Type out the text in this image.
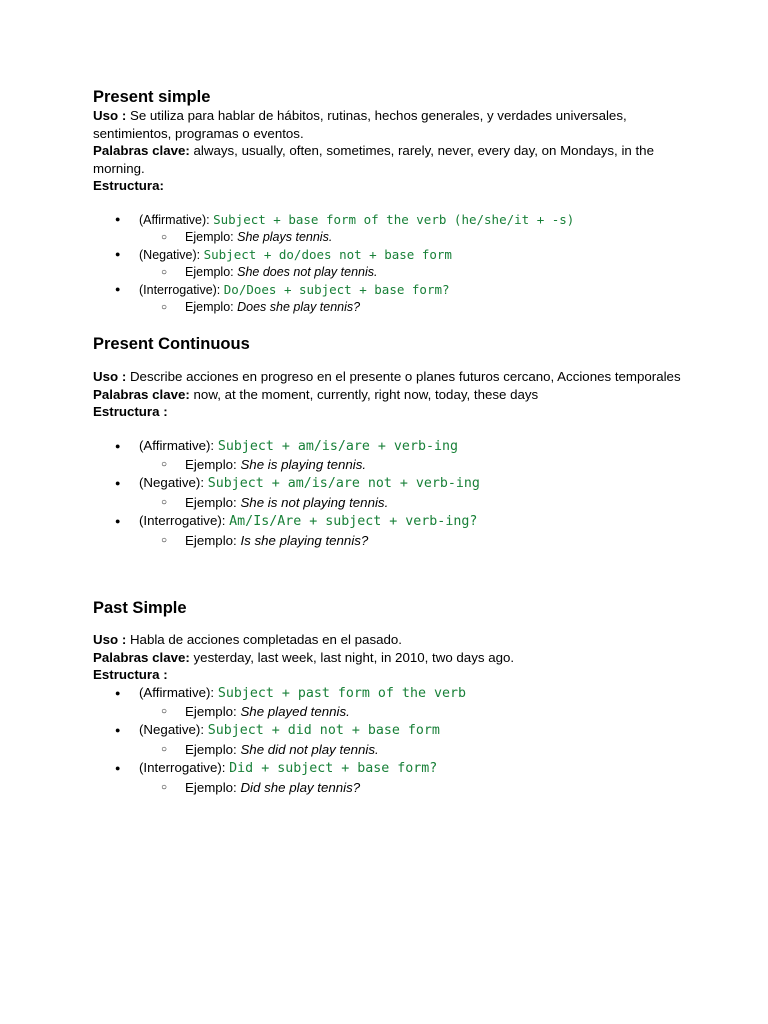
Present simple

Uso : Se utiliza para hablar de hábitos, rutinas, hechos generales, y verdades universales, sentimientos, programas o eventos.

Palabras clave: always, usually, often, sometimes, rarely, never, every day, on Mondays, in the morning.

Estructura:

● (Affirmative): Subject + base form of the verb (he/she/it + -s)
○ Ejemplo: She plays tennis.
● (Negative): Subject + do/does not + base form
○ Ejemplo: She does not play tennis.
● (Interrogative): Do/Does + subject + base form?
○ Ejemplo: Does she play tennis?
Present Continuous

Uso : Describe acciones en progreso en el presente o planes futuros cercano, Acciones temporales

Palabras clave: now, at the moment, currently, right now, today, these days

Estructura :

● (Affirmative): Subject + am/is/are + verb-ing
○ Ejemplo: She is playing tennis.
● (Negative): Subject + am/is/are not + verb-ing
○ Ejemplo: She is not playing tennis.
● (Interrogative): Am/Is/Are + subject + verb-ing?
○ Ejemplo: Is she playing tennis?
Past Simple

Uso : Habla de acciones completadas en el pasado.

Palabras clave: yesterday, last week, last night, in 2010, two days ago.

Estructura :

● (Affirmative): Subject + past form of the verb
○ Ejemplo: She played tennis.
● (Negative): Subject + did not + base form
○ Ejemplo: She did not play tennis.
● (Interrogative): Did + subject + base form?
○ Ejemplo: Did she play tennis?
